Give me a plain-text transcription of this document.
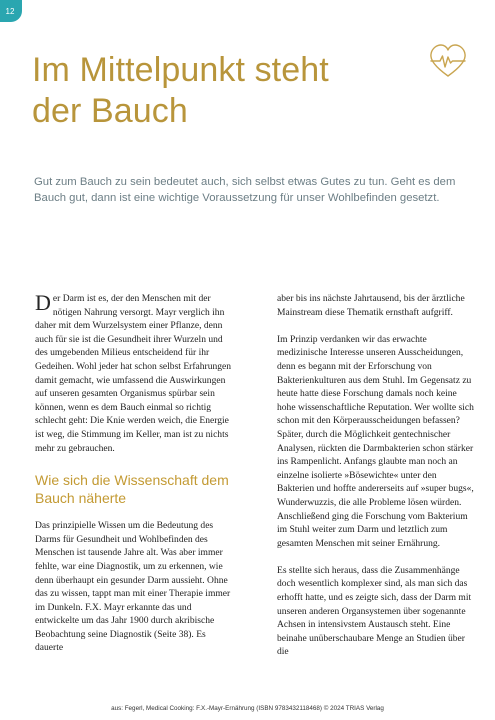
12
Im Mittelpunkt steht
der Bauch

Gut zum Bauch zu sein bedeutet auch, sich selbst etwas Gutes zu tun. Geht es dem Bauch gut, dann ist eine wichtige Voraussetzung für unser Wohlbefinden gesetzt.

Der Darm ist es, der den Menschen mit der nötigen Nahrung versorgt. Mayr verglich ihn daher mit dem Wurzelsystem einer Pflanze, denn auch für sie ist die Gesundheit ihrer Wurzeln und des umgebenden Milieus entscheidend für ihr Gedeihen. Wohl jeder hat schon selbst Erfahrungen damit gemacht, wie umfassend die Auswirkungen auf unseren gesamten Organismus spürbar sein können, wenn es dem Bauch einmal so richtig schlecht geht: Die Knie werden weich, die Energie ist weg, die Stimmung im Keller, man ist zu nichts mehr zu gebrauchen.

Wie sich die Wissenschaft dem Bauch näherte

Das prinzipielle Wissen um die Bedeutung des Darms für Gesundheit und Wohlbefinden des Menschen ist tausende Jahre alt. Was aber immer fehlte, war eine Diagnostik, um zu erkennen, wie denn überhaupt ein gesunder Darm aussieht. Ohne das zu wissen, tappt man mit einer Therapie immer im Dunkeln. F.X. Mayr erkannte das und entwickelte um das Jahr 1900 durch akribische Beobachtung seine Diagnostik (Seite 38). Es dauerte

aber bis ins nächste Jahrtausend, bis der ärztliche Mainstream diese Thematik ernsthaft aufgriff.

Im Prinzip verdanken wir das erwachte medizinische Interesse unseren Ausscheidungen, denn es begann mit der Erforschung von Bakterienkulturen aus dem Stuhl. Im Gegensatz zu heute hatte diese Forschung damals noch keine hohe wissenschaftliche Reputation. Wer wollte sich schon mit den Körperausscheidungen befassen? Später, durch die Möglichkeit gentechnischer Analysen, rückten die Darmbakterien schon stärker ins Rampenlicht. Anfangs glaubte man noch an einzelne isolierte »Bösewichte« unter den Bakterien und hoffte andererseits auf »super bugs«, Wunderwuzzis, die alle Probleme lösen würden. Anschließend ging die Forschung vom Bakterium im Stuhl weiter zum Darm und letztlich zum gesamten Menschen mit seiner Ernährung.

Es stellte sich heraus, dass die Zusammenhänge doch wesentlich komplexer sind, als man sich das erhofft hatte, und es zeigte sich, dass der Darm mit unseren anderen Organsystemen über sogenannte Achsen in intensivstem Austausch steht. Eine beinahe unüberschaubare Menge an Studien über die

aus: Fegerl, Medical Cooking: F.X.-Mayr-Ernährung (ISBN 9783432118468) © 2024 TRIAS Verlag
